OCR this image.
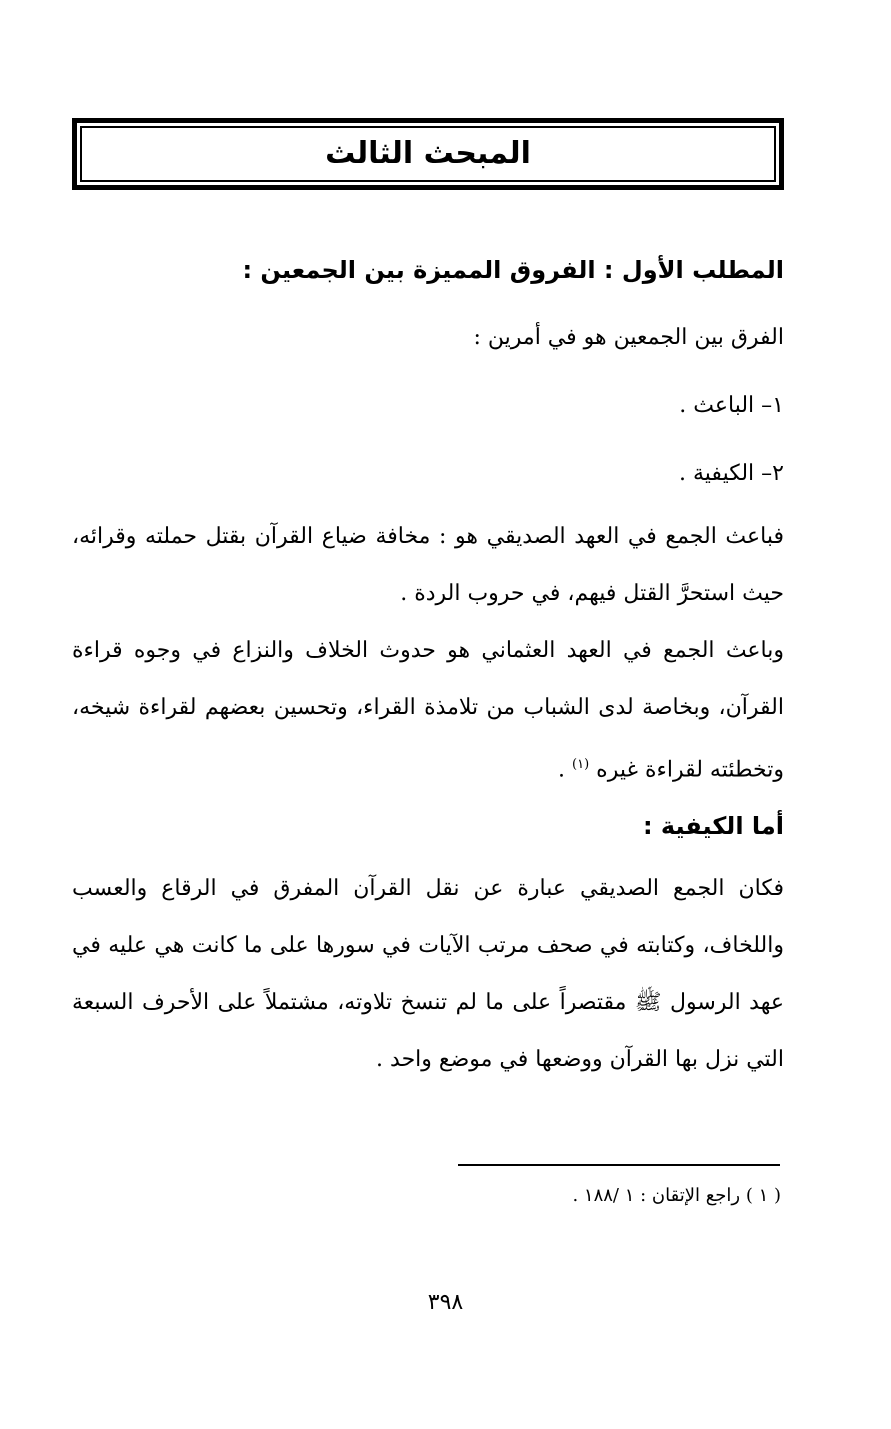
المبحث الثالث

المطلب الأول : الفروق المميزة بين الجمعين :

الفرق بين الجمعين هو في أمرين :

١– الباعث .

٢– الكيفية .

فباعث الجمع في العهد الصديقي هو : مخافة ضياع القرآن بقتل حملته وقرائه، حيث استحرَّ القتل فيهم، في حروب الردة .

وباعث الجمع في العهد العثماني هو حدوث الخلاف والنزاع في وجوه قراءة القرآن، وبخاصة لدى الشباب من تلامذة القراء، وتحسين بعضهم لقراءة شيخه، وتخطئته لقراءة غيره $^{(١)}$ .

أما الكيفية :

فكان الجمع الصديقي عبارة عن نقل القرآن المفرق في الرقاع والعسب واللخاف، وكتابته في صحف مرتب الآيات في سورها على ما كانت هي عليه في عهد الرسول ﷺ مقتصراً على ما لم تنسخ تلاوته، مشتملاً على الأحرف السبعة التي نزل بها القرآن ووضعها في موضع واحد .

( ١ ) راجع الإتقان : ١ /١٨٨ .
٣٩٨
